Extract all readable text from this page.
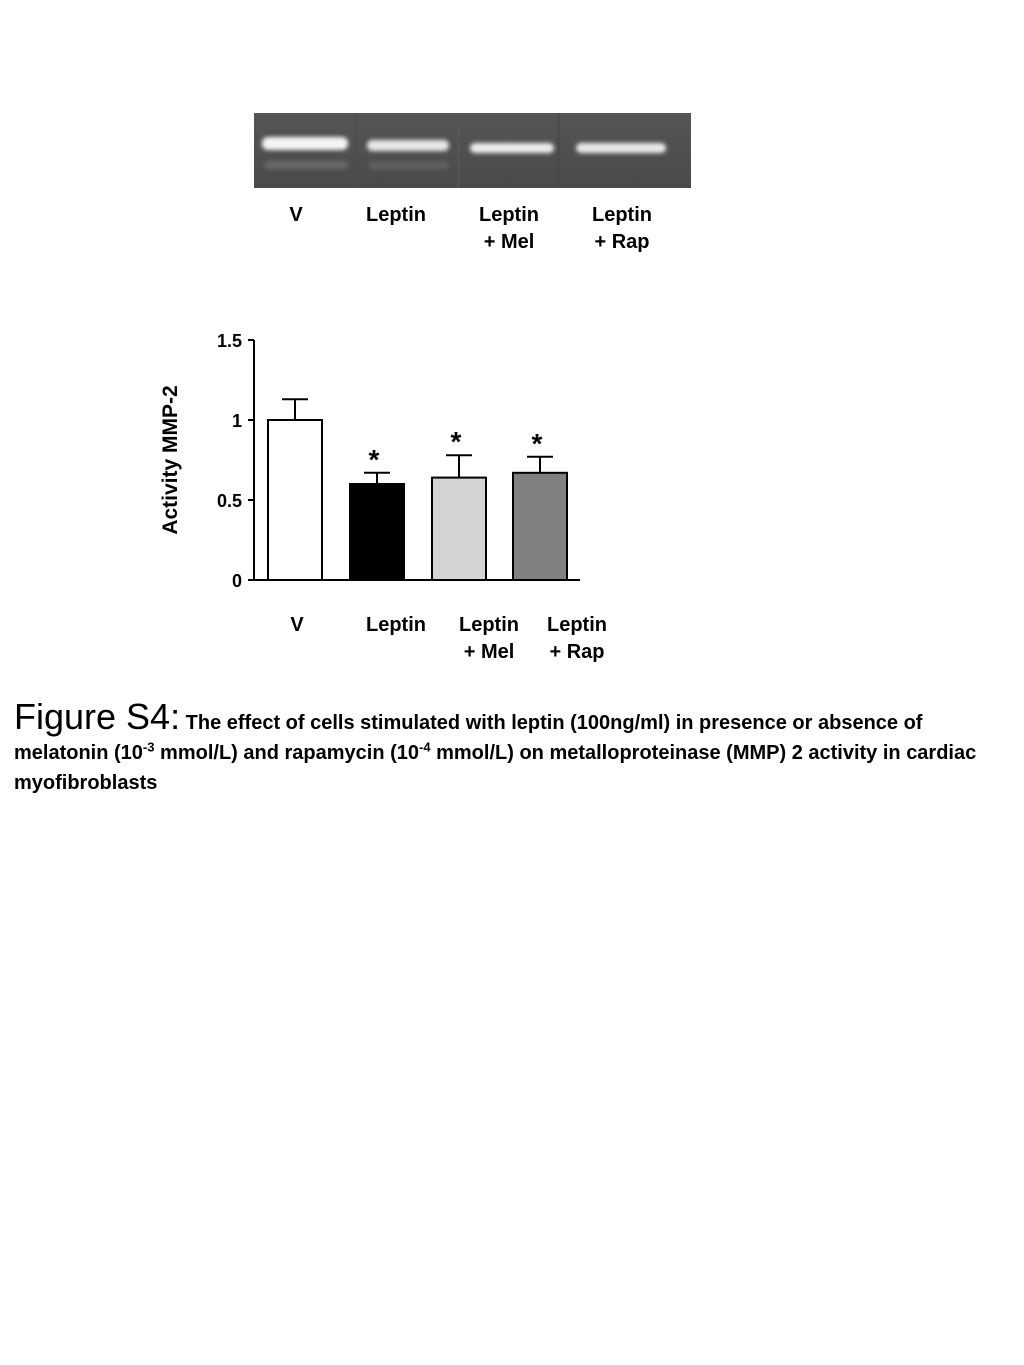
V	Leptin	Leptin
+ Mel
Leptin
+ Rap
0
0.5
1
1.5
Activity MMP-2	*
*	*
V	Leptin Leptin
+ Mel
Leptin
+ Rap
Figure S4: The effect of cells stimulated with leptin (100ng/ml) in presence or absence of melatonin ($10^{-3}$ mmol/L) and rapamycin ($10^{-4}$ mmol/L) on metalloproteinase (MMP) 2 activity in cardiac myofibroblasts
